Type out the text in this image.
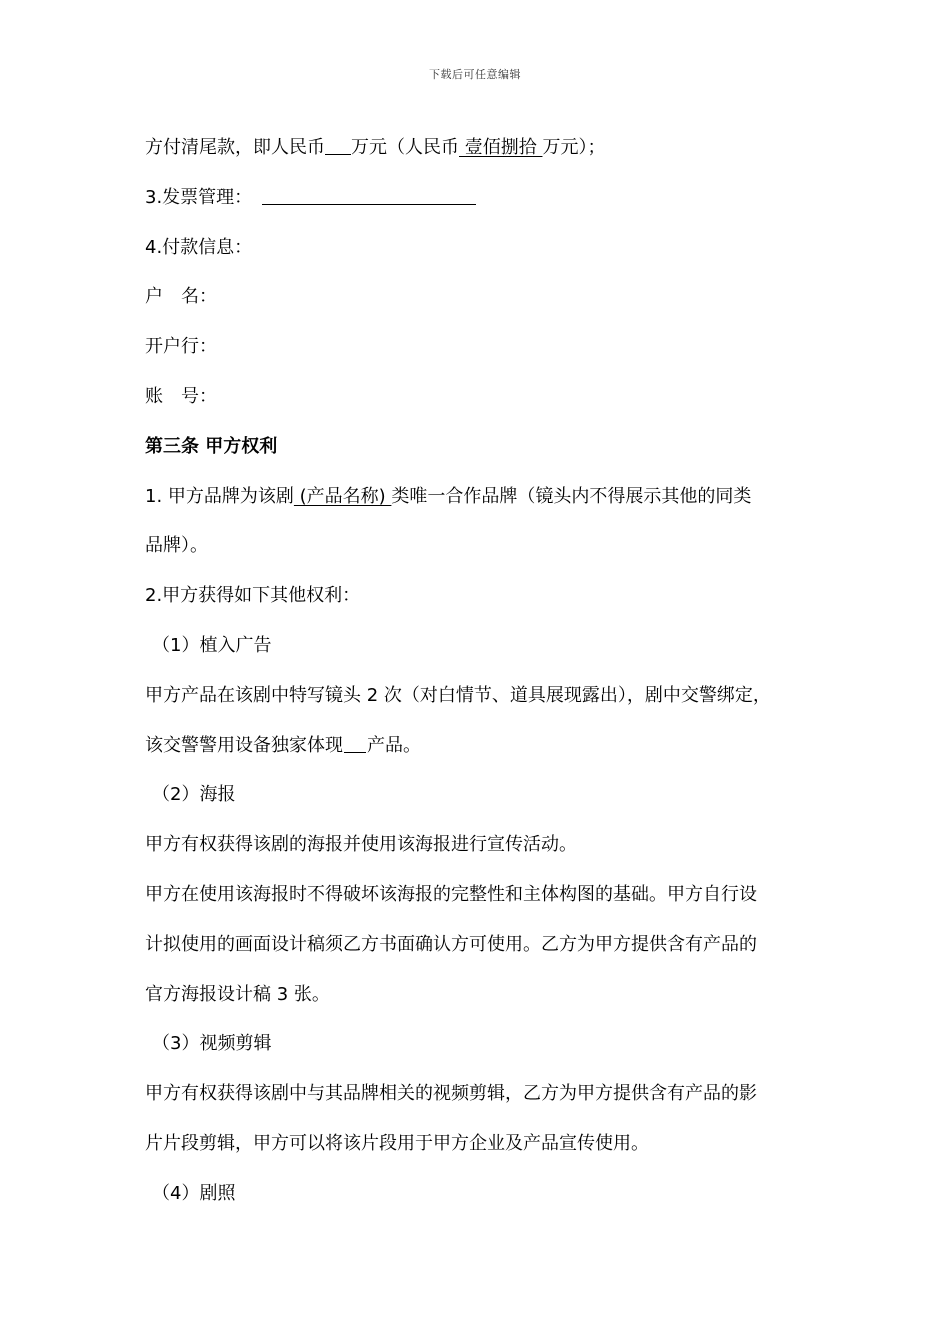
下载后可任意编辑
方付清尾款，即人民币 万元（人民币 壹佰捌拾 万元）；
3.发票管理：
4.付款信息：
户 名：
开户行：
账 号：
第三条 甲方权利
1. 甲方品牌为该剧 (产品名称) 类唯一合作品牌（镜头内不得展示其他的同类
品牌）。
2.甲方获得如下其他权利：
（1）植入广告
甲方产品在该剧中特写镜头 2 次（对白情节、道具展现露出），剧中交警绑定，
该交警警用设备独家体现 产品。
（2）海报
甲方有权获得该剧的海报并使用该海报进行宣传活动。
甲方在使用该海报时不得破坏该海报的完整性和主体构图的基础。甲方自行设
计拟使用的画面设计稿须乙方书面确认方可使用。乙方为甲方提供含有产品的
官方海报设计稿 3 张。
（3）视频剪辑
甲方有权获得该剧中与其品牌相关的视频剪辑，乙方为甲方提供含有产品的影
片片段剪辑，甲方可以将该片段用于甲方企业及产品宣传使用。
（4）剧照
